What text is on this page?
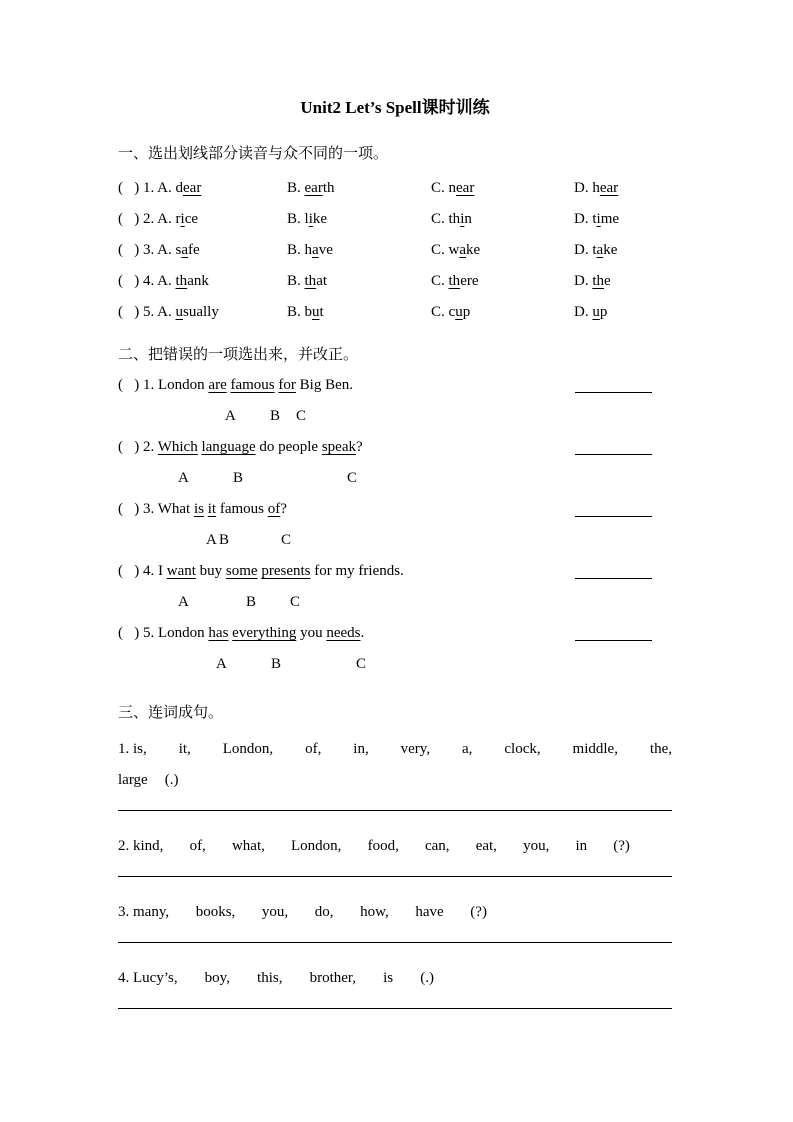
Unit2 Let’s Spell课时训练
一、选出划线部分读音与众不同的一项。
(   ) 1. A. dear	B. earth	C. near	D. hear
(   ) 2. A. rice	B. like	C. thin	D. time
(   ) 3. A. safe	B. have	C. wake	D. take
(   ) 4. A. thank	B. that	C. there	D. the
(   ) 5. A. usually	B. but	C. cup	D. up
二、把错误的一项选出来，并改正。
(   ) 1. London are famous for Big Ben.
A B C
(   ) 2. Which language do people speak?
A	B	C
(   ) 3. What is it famous of?
A B	C
(   ) 4. I want buy some presents for my friends.
A	B C
(   ) 5. London has everything you needs.
A	B	C
三、连词成句。
1. is, it, London, of, in, very, a, clock, middle, the,
large (.)
2. kind, of, what, London, food, can, eat, you, in (?)
3. many, books, you, do, how, have (?)
4. Lucy’s, boy, this, brother, is (.)
